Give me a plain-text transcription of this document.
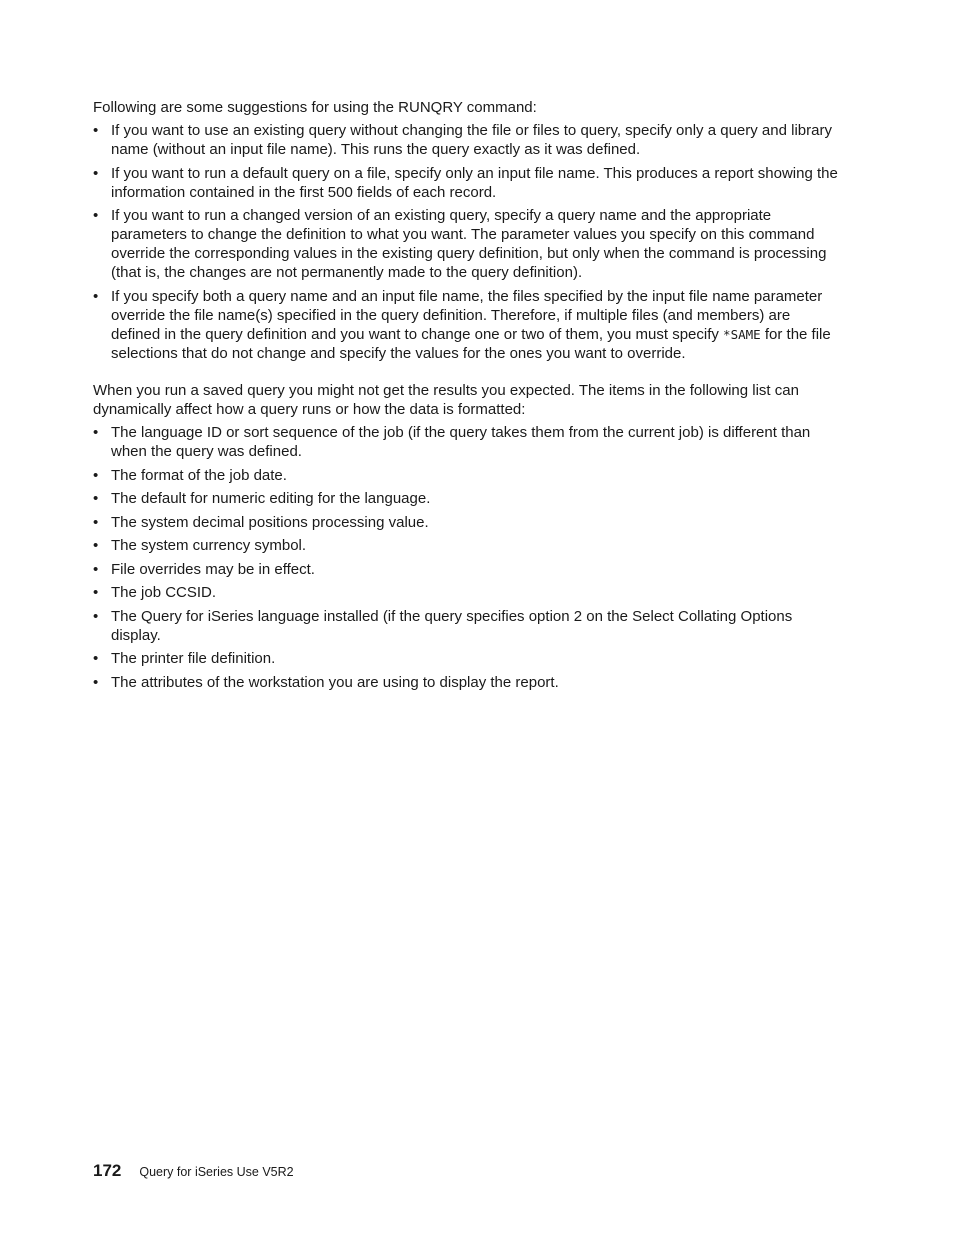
Following are some suggestions for using the RUNQRY command:

• If you want to use an existing query without changing the file or files to query, specify only a query and library name (without an input file name). This runs the query exactly as it was defined.
• If you want to run a default query on a file, specify only an input file name. This produces a report showing the information contained in the first 500 fields of each record.
• If you want to run a changed version of an existing query, specify a query name and the appropriate parameters to change the definition to what you want. The parameter values you specify on this command override the corresponding values in the existing query definition, but only when the command is processing (that is, the changes are not permanently made to the query definition).
• If you specify both a query name and an input file name, the files specified by the input file name parameter override the file name(s) specified in the query definition. Therefore, if multiple files (and members) are defined in the query definition and you want to change one or two of them, you must specify *SAME for the file selections that do not change and specify the values for the ones you want to override.

When you run a saved query you might not get the results you expected. The items in the following list can dynamically affect how a query runs or how the data is formatted:

• The language ID or sort sequence of the job (if the query takes them from the current job) is different than when the query was defined.
• The format of the job date.
• The default for numeric editing for the language.
• The system decimal positions processing value.
• The system currency symbol.
• File overrides may be in effect.
• The job CCSID.
• The Query for iSeries language installed (if the query specifies option 2 on the Select Collating Options display.
• The printer file definition.
• The attributes of the workstation you are using to display the report.
172 Query for iSeries Use V5R2
